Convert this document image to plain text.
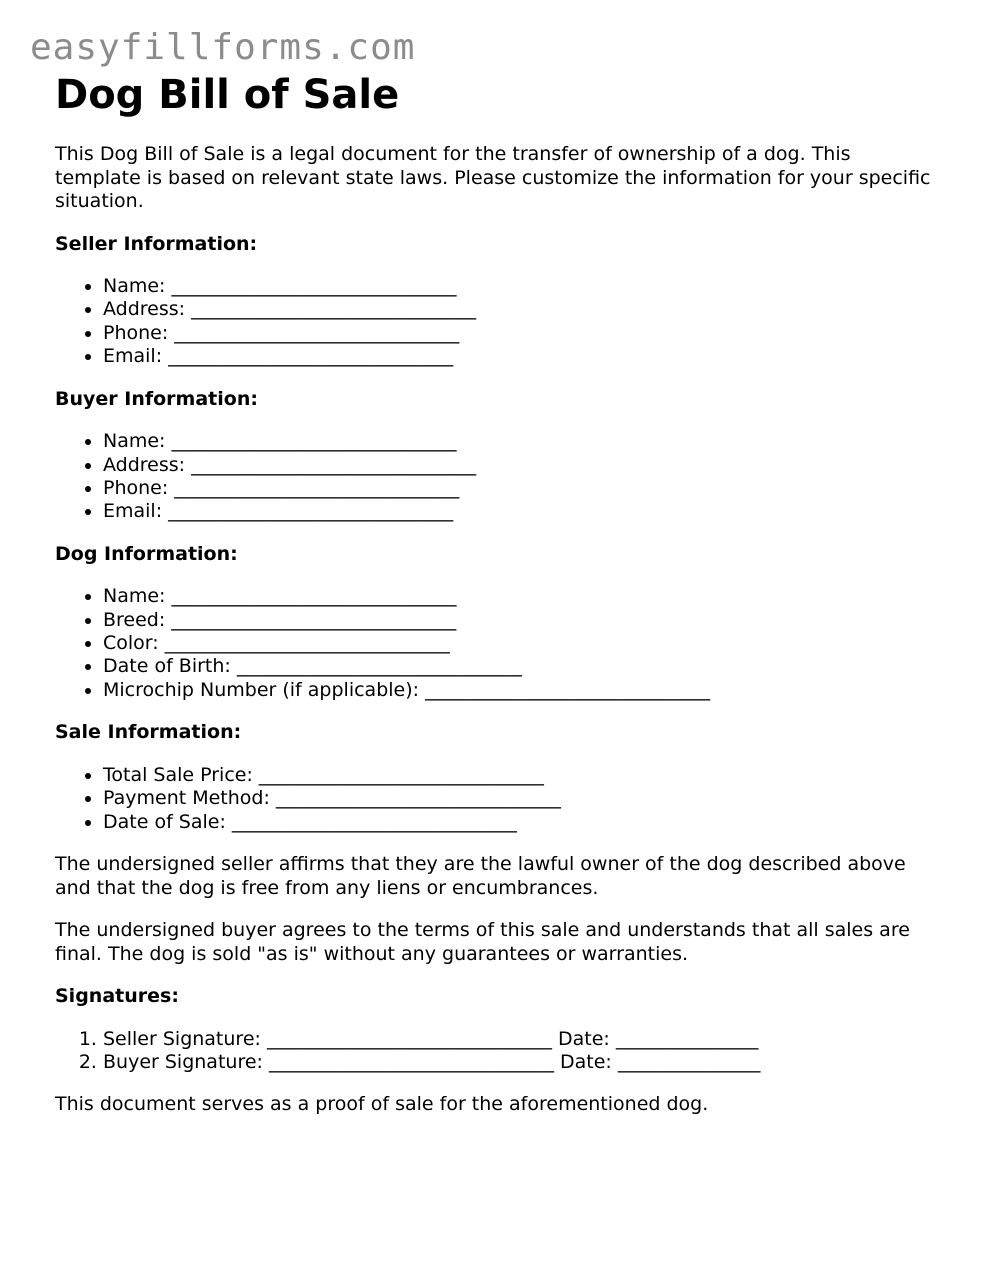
easyfillforms.com
Dog Bill of Sale

This Dog Bill of Sale is a legal document for the transfer of ownership of a dog. This template is based on relevant state laws. Please customize the information for your specific situation.

Seller Information:
• Name: ______________________________
• Address: ______________________________
• Phone: ______________________________
• Email: ______________________________
Buyer Information:
• Name: ______________________________
• Address: ______________________________
• Phone: ______________________________
• Email: ______________________________
Dog Information:
• Name: ______________________________
• Breed: ______________________________
• Color: ______________________________
• Date of Birth: ______________________________
• Microchip Number (if applicable): ______________________________
Sale Information:
• Total Sale Price: ______________________________
• Payment Method: ______________________________
• Date of Sale: ______________________________

The undersigned seller affirms that they are the lawful owner of the dog described above and that the dog is free from any liens or encumbrances.

The undersigned buyer agrees to the terms of this sale and understands that all sales are final. The dog is sold "as is" without any guarantees or warranties.

Signatures:
1. Seller Signature: ______________________________ Date: _______________
2. Buyer Signature: ______________________________ Date: _______________

This document serves as a proof of sale for the aforementioned dog.
